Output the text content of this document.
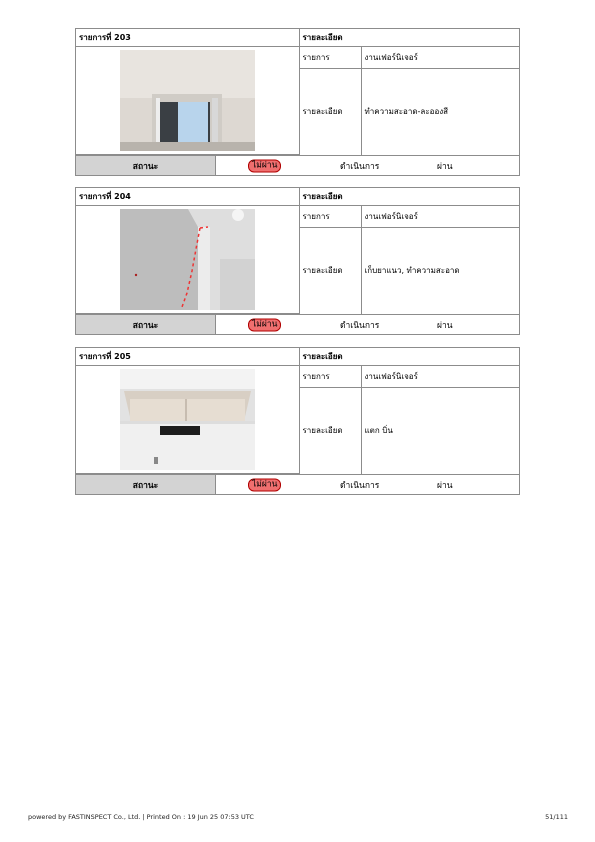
รายการที่ 203	รายละเอียด	

	รายการ	งานเฟอร์นิเจอร์
	รายละเอียด	ทำความสะอาด-ละอองสี
สถานะ	ไม่ผ่าน	ดำเนินการ	ผ่าน
รายการที่ 204	รายละเอียด	

	รายการ	งานเฟอร์นิเจอร์
	รายละเอียด	เก็บยาแนว, ทำความสะอาด
สถานะ	ไม่ผ่าน	ดำเนินการ	ผ่าน
รายการที่ 205	รายละเอียด	

	รายการ	งานเฟอร์นิเจอร์
	รายละเอียด	แตก บิ่น
สถานะ	ไม่ผ่าน	ดำเนินการ	ผ่าน
powered by FASTINSPECT Co., Ltd. | Printed On : 19 Jun 25 07:53 UTC	51/111
